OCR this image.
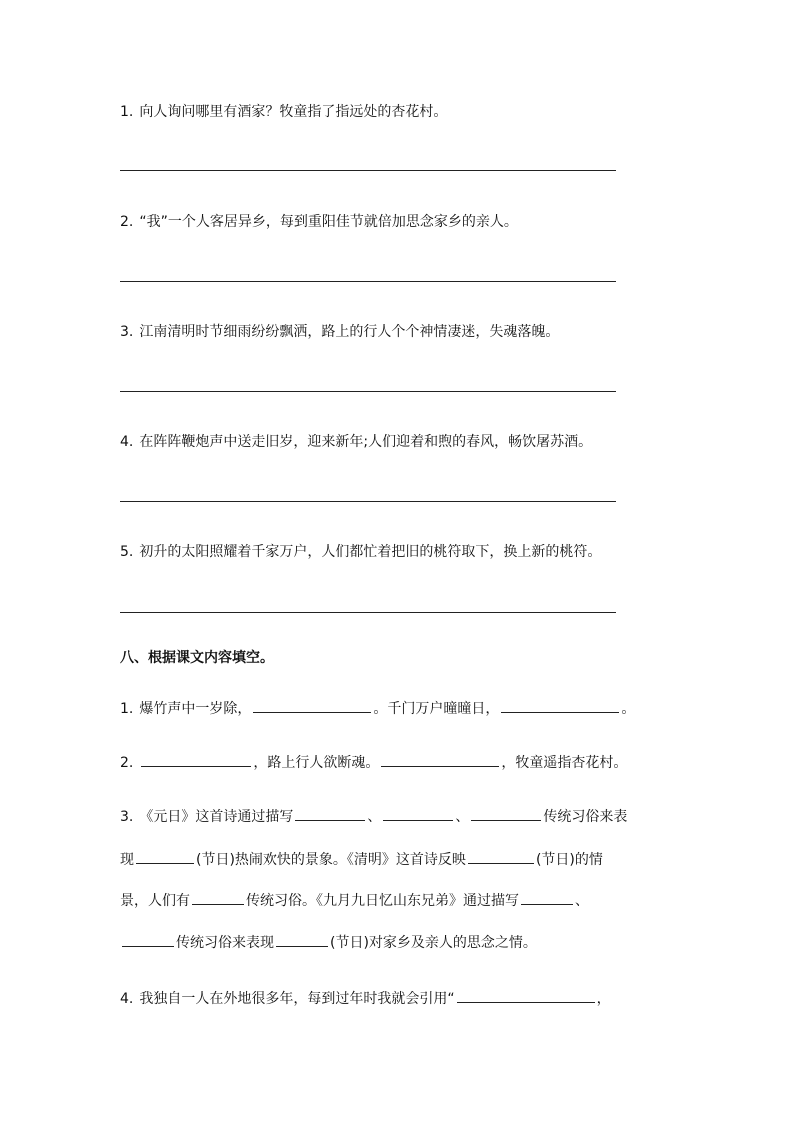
1. 向人询问哪里有酒家？牧童指了指远处的杏花村。
2. “我”一个人客居异乡，每到重阳佳节就倍加思念家乡的亲人。
3. 江南清明时节细雨纷纷飘洒，路上的行人个个神情凄迷，失魂落魄。
4. 在阵阵鞭炮声中送走旧岁，迎来新年;人们迎着和煦的春风，畅饮屠苏酒。
5. 初升的太阳照耀着千家万户，人们都忙着把旧的桃符取下，换上新的桃符。
八、根据课文内容填空。
1. 爆竹声中一岁除，	。千门万户曈曈日，	。
2.	，路上行人欲断魂。	，牧童遥指杏花村。
3. 《元日》这首诗通过描写	、	、	传统习俗来表
现	(节日)热闹欢快的景象。《清明》这首诗反映	(节日)的情
景，人们有	传统习俗。《九月九日忆山东兄弟》通过描写	、
传统习俗来表现	(节日)对家乡及亲人的思念之情。
4. 我独自一人在外地很多年，每到过年时我就会引用“	，
